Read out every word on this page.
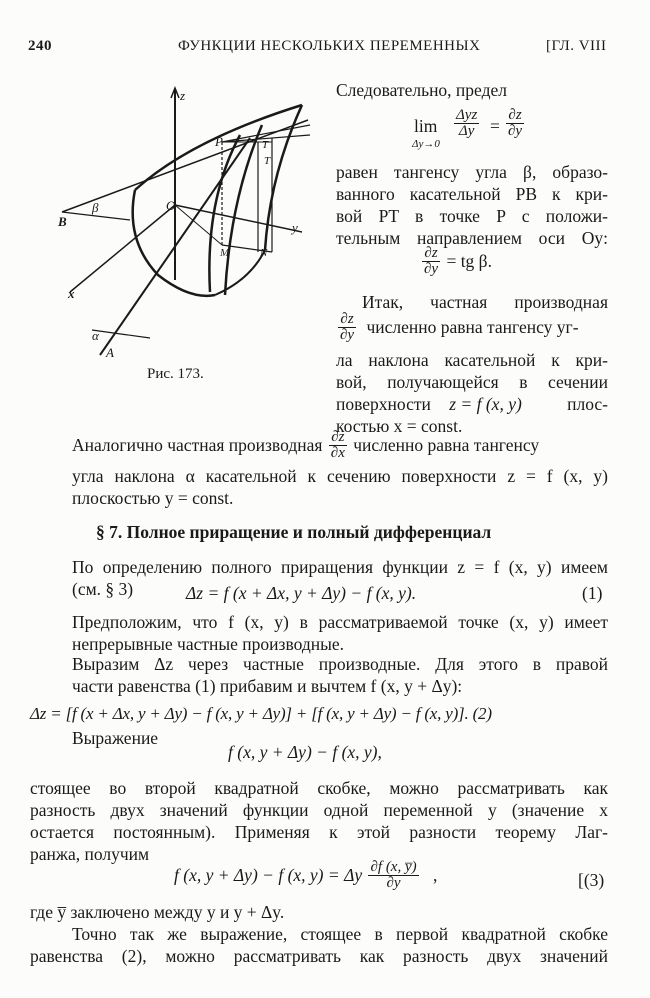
240	ФУНКЦИИ НЕСКОЛЬКИХ ПЕРЕМЕННЫХ	[ГЛ. VIII
z
y
x
O
P	T
T'
M	N
B
β
α
A
Рис. 173.
Следовательно, предел
lim
Δy→0
Δyz
$\Delta y = \frac{\partial z}{\partial y}$
равен тангенсу угла β, образо-
ванного касательной PB к кри-
вой PT в точке P с положи-
тельным направлением оси Oy:
$\frac{\partial z}{\partial y}$ = tg β.
Итак, частная производная
$\frac{\partial z}{\partial y}$ численно равна тангенсу уг-
ла наклона касательной к кри-
вой, получающейся в сечении
поверхности z = f (x, y)	плос-
костью x = const.
Аналогично частная производная $\frac{\partial z}{\partial x}$ численно равна тангенсу
угла наклона α касательной к сечению поверхности z = f (x, y)
плоскостью y = const.
§ 7. Полное приращение и полный дифференциал
По определению полного приращения функции z = f (x, y) имеем
(см. § 3)	Δz = f (x + Δx, y + Δy) − f (x, y).	(1)
Предположим, что f (x, y) в рассматриваемой точке (x, y) имеет
непрерывные частные производные.
Выразим Δz через частные производные. Для этого в правой
части равенства (1) прибавим и вычтем f (x, y + Δy):
Δz = [f (x + Δx, y + Δy) − f (x, y + Δy)] + [f (x, y + Δy) − f (x, y)]. (2)
Выражение
f (x, y + Δy) − f (x, y),
стоящее во второй квадратной скобке, можно рассматривать как
разность двух значений функции одной переменной y (значение x
остается постоянным). Применяя к этой разности теорему Лаг-
ранжа, получим
f (x, y + Δy) − f (x, y) = Δy $\frac{\partial f (x, y̅)}{\partial y}$ ,	[(3)
где y̅ заключено между y и y + Δy.
Точно так же выражение, стоящее в первой квадратной скобке
равенства (2), можно рассматривать как разность двух значений
